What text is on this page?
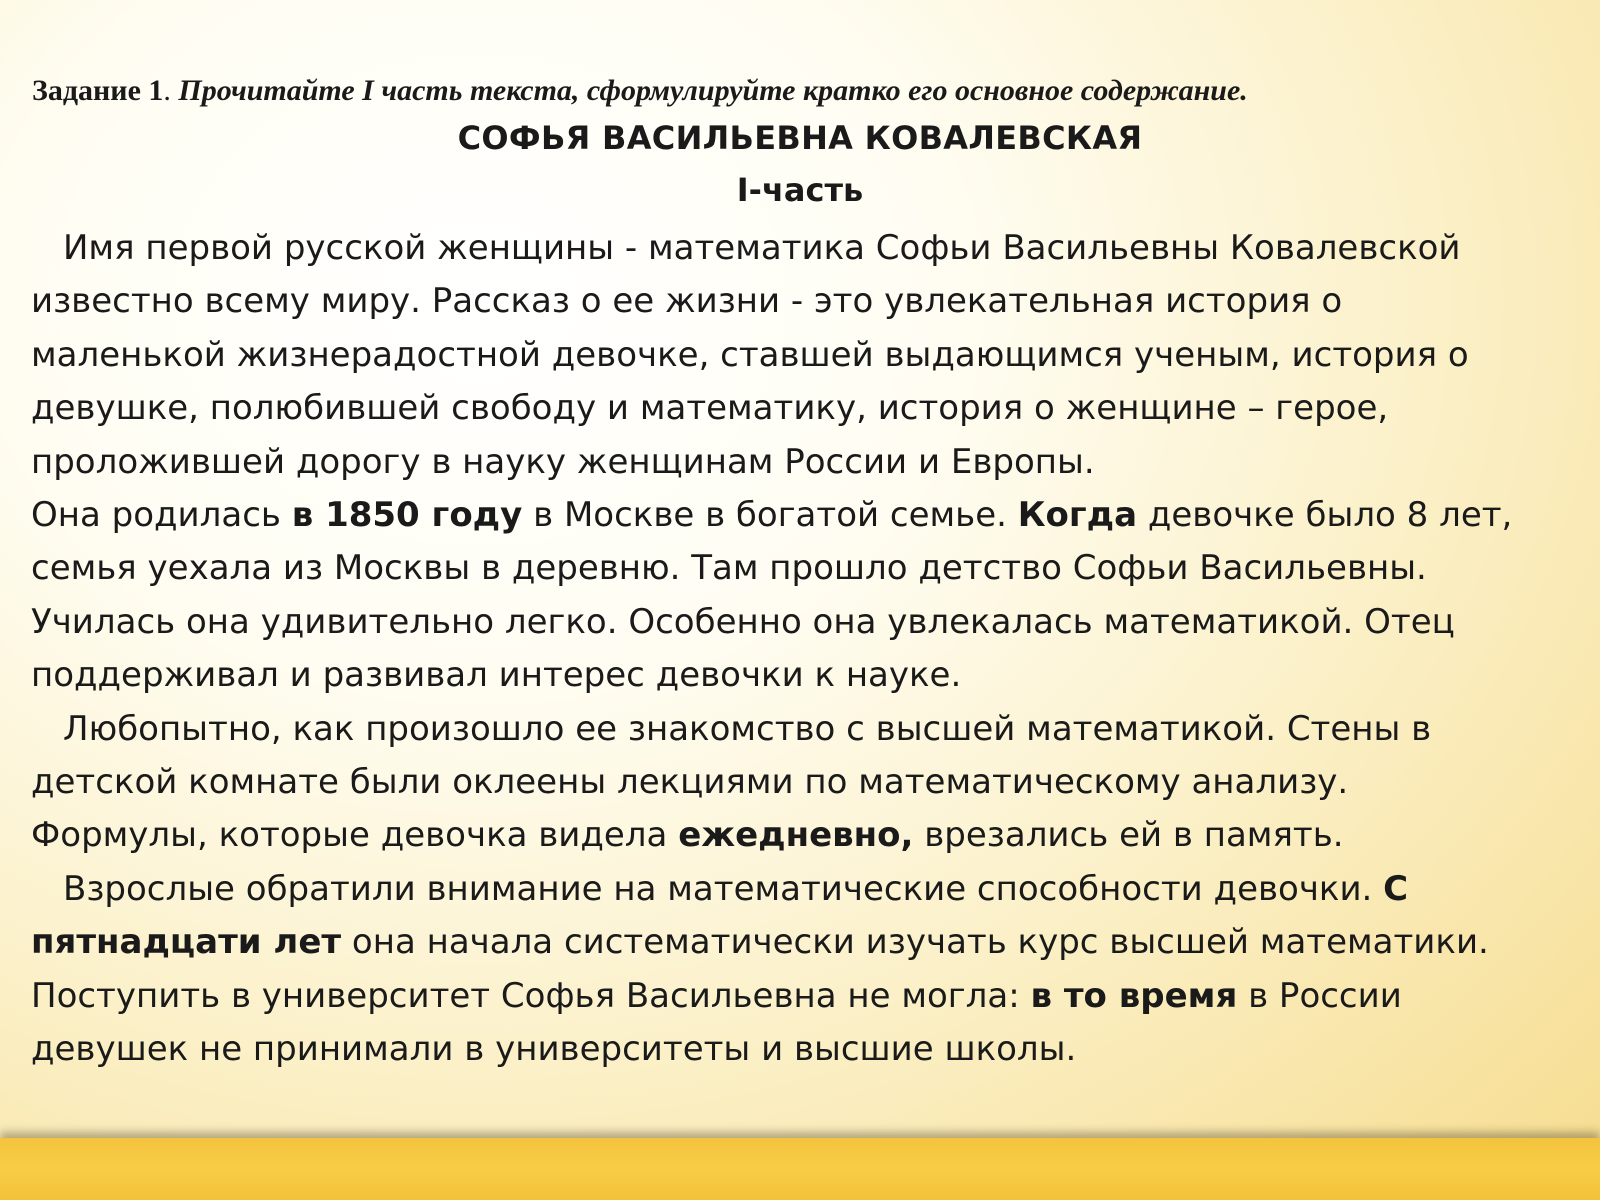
Задание 1. Прочитайте I часть текста, сформулируйте кратко его основное содержание.
СОФЬЯ ВАСИЛЬЕВНА КОВАЛЕВСКАЯ
I-часть
Имя первой русской женщины - математика Софьи Васильевны Ковалевской
известно всему миру. Рассказ о ее жизни - это увлекательная история о
маленькой жизнерадостной девочке, ставшей выдающимся ученым, история о
девушке, полюбившей свободу и математику, история о женщине – герое,
проложившей дорогу в науку женщинам России и Европы.
Она родилась в 1850 году в Москве в богатой семье. Когда девочке было 8 лет,
семья уехала из Москвы в деревню. Там прошло детство Софьи Васильевны.
Училась она удивительно легко. Особенно она увлекалась математикой. Отец
поддерживал и развивал интерес девочки к науке.
Любопытно, как произошло ее знакомство с высшей математикой. Стены в
детской комнате были оклеены лекциями по математическому анализу.
Формулы, которые девочка видела ежедневно, врезались ей в память.
Взрослые обратили внимание на математические способности девочки. С
пятнадцати лет она начала систематически изучать курс высшей математики.
Поступить в университет Софья Васильевна не могла: в то время в России
девушек не принимали в университеты и высшие школы.
